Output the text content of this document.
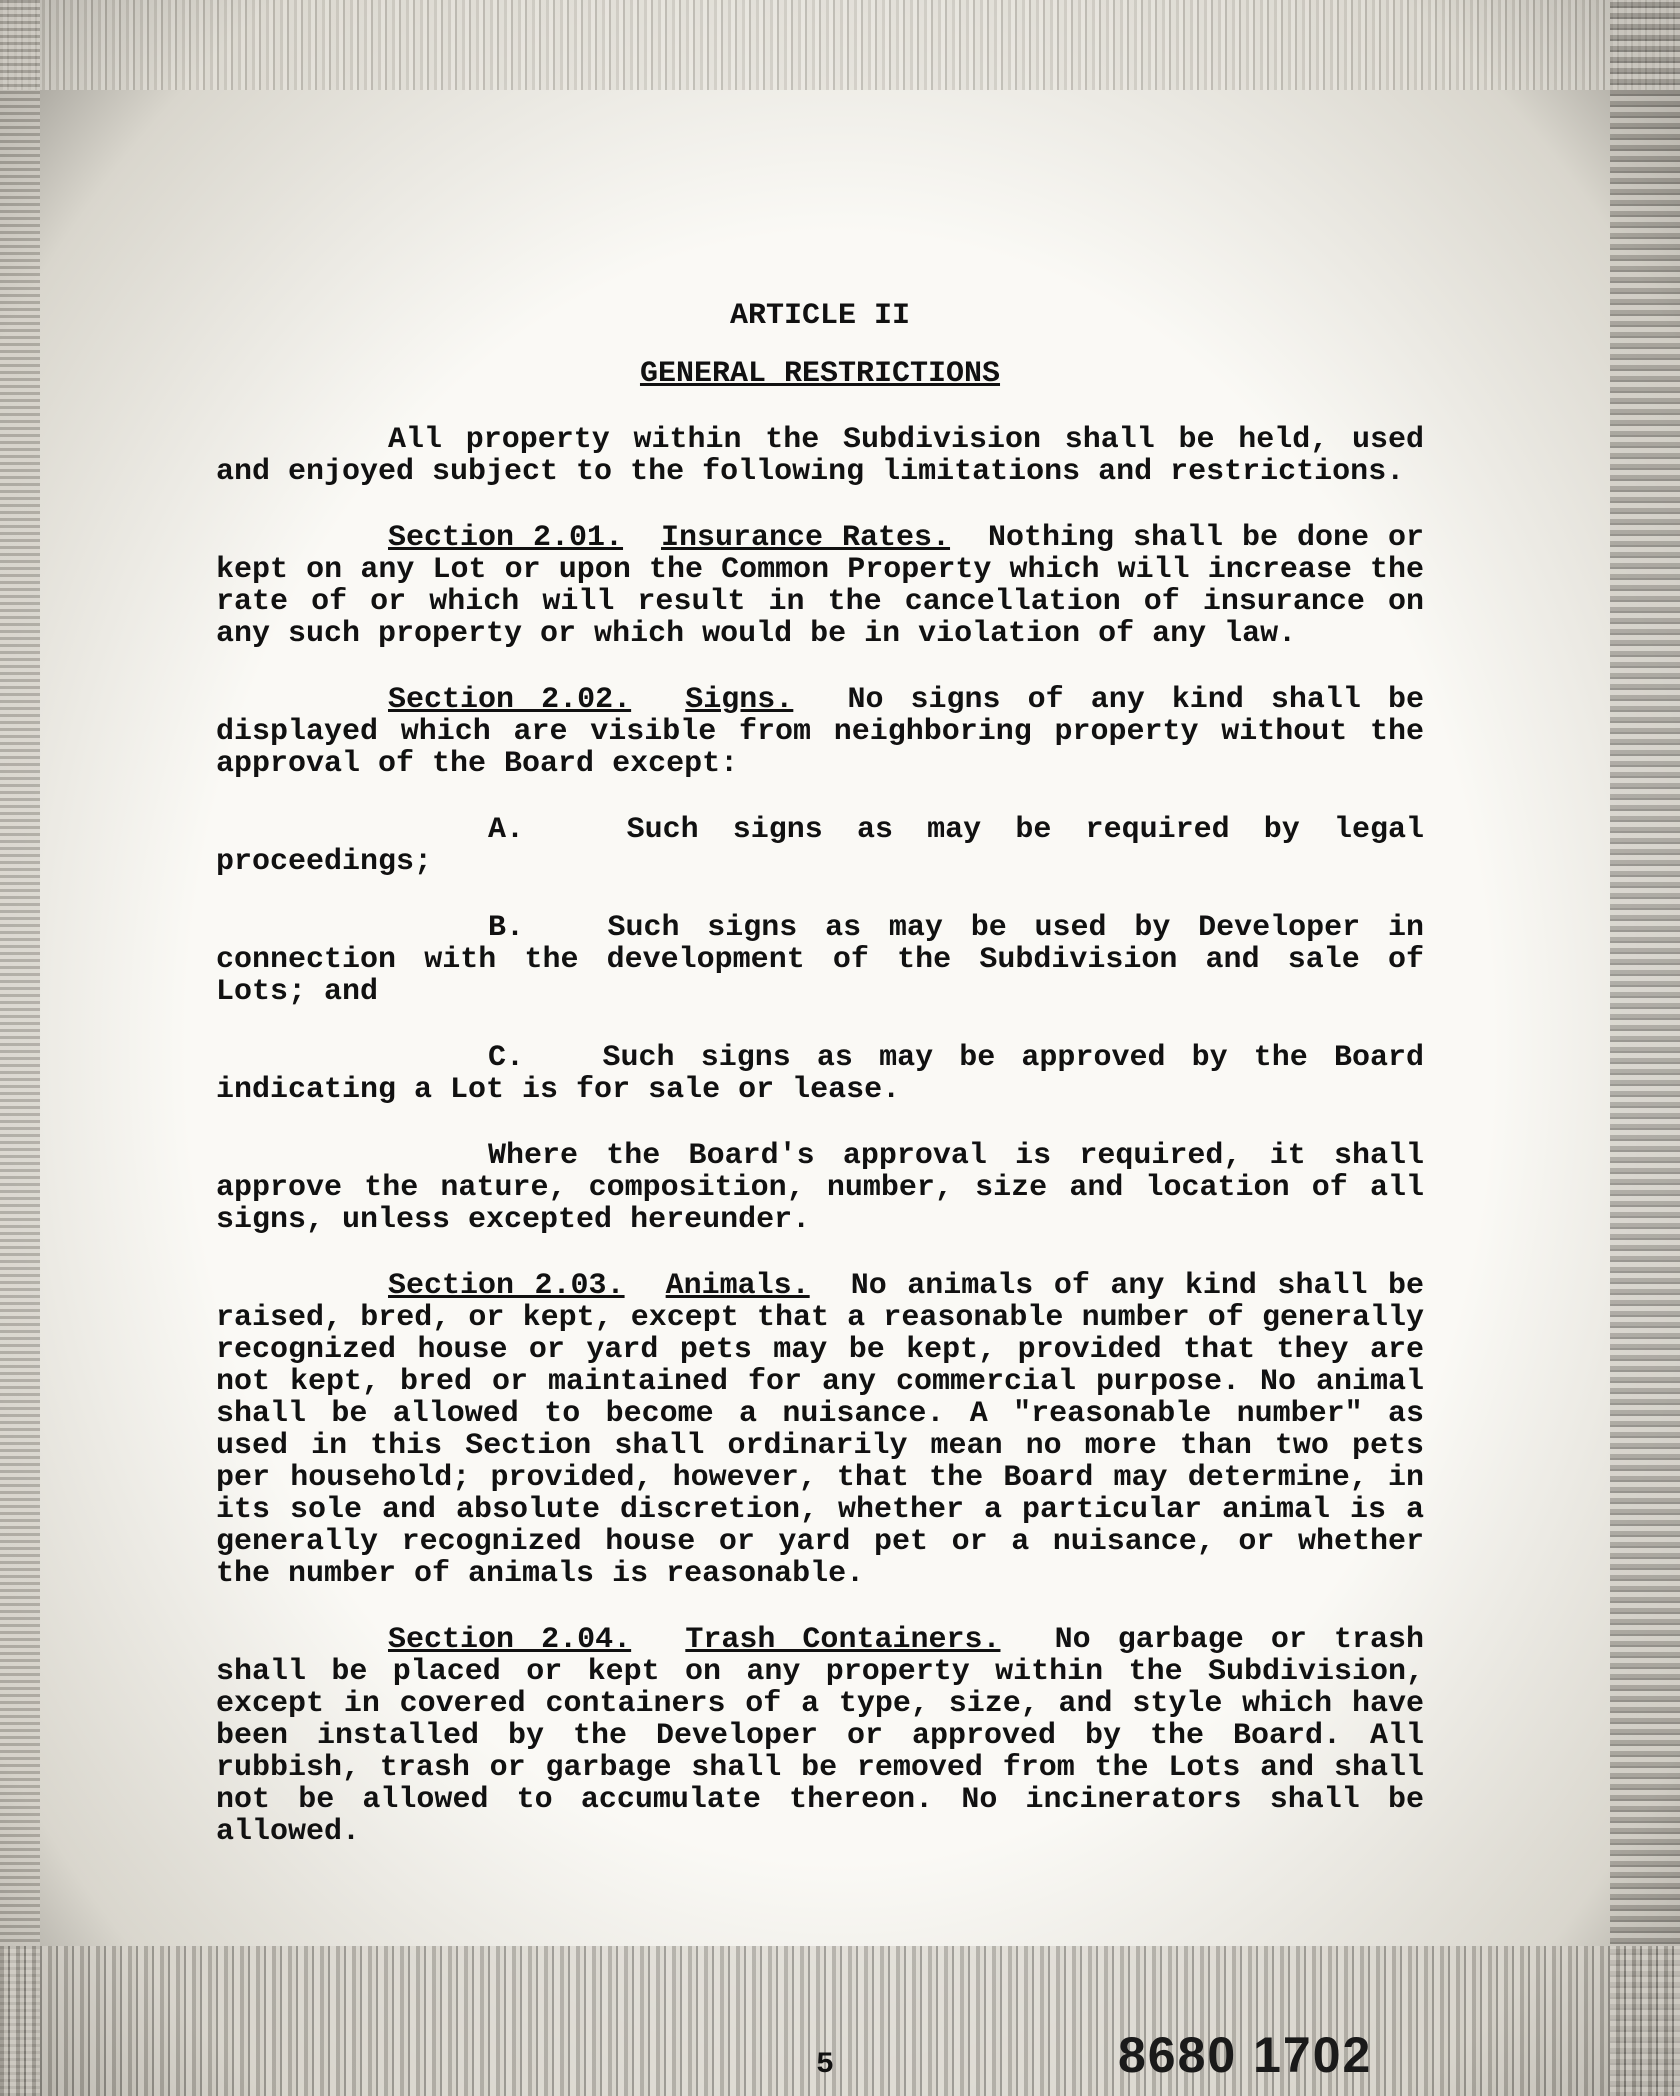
ARTICLE II
GENERAL RESTRICTIONS

All property within the Subdivision shall be held, used and enjoyed subject to the following limitations and restrictions.

Section 2.01. Insurance Rates. Nothing shall be done or kept on any Lot or upon the Common Property which will increase the rate of or which will result in the cancellation of insurance on any such property or which would be in violation of any law.

Section 2.02. Signs. No signs of any kind shall be displayed which are visible from neighboring property without the approval of the Board except:

A.	Such signs as may be required by legal proceedings;

B.	Such signs as may be used by Developer in connection with the development of the Subdivision and sale of Lots; and

C.	Such signs as may be approved by the Board indicating a Lot is for sale or lease.

Where the Board's approval is required, it shall approve the nature, composition, number, size and location of all signs, unless excepted hereunder.

Section 2.03. Animals. No animals of any kind shall be raised, bred, or kept, except that a reasonable number of generally recognized house or yard pets may be kept, provided that they are not kept, bred or maintained for any commercial purpose. No animal shall be allowed to become a nuisance. A "reasonable number" as used in this Section shall ordinarily mean no more than two pets per household; provided, however, that the Board may determine, in its sole and absolute discretion, whether a particular animal is a generally recognized house or yard pet or a nuisance, or whether the number of animals is reasonable.

Section 2.04. Trash Containers. No garbage or trash shall be placed or kept on any property within the Subdivision, except in covered containers of a type, size, and style which have been installed by the Developer or approved by the Board. All rubbish, trash or garbage shall be removed from the Lots and shall not be allowed to accumulate thereon. No incinerators shall be allowed.

5	8680 1702
